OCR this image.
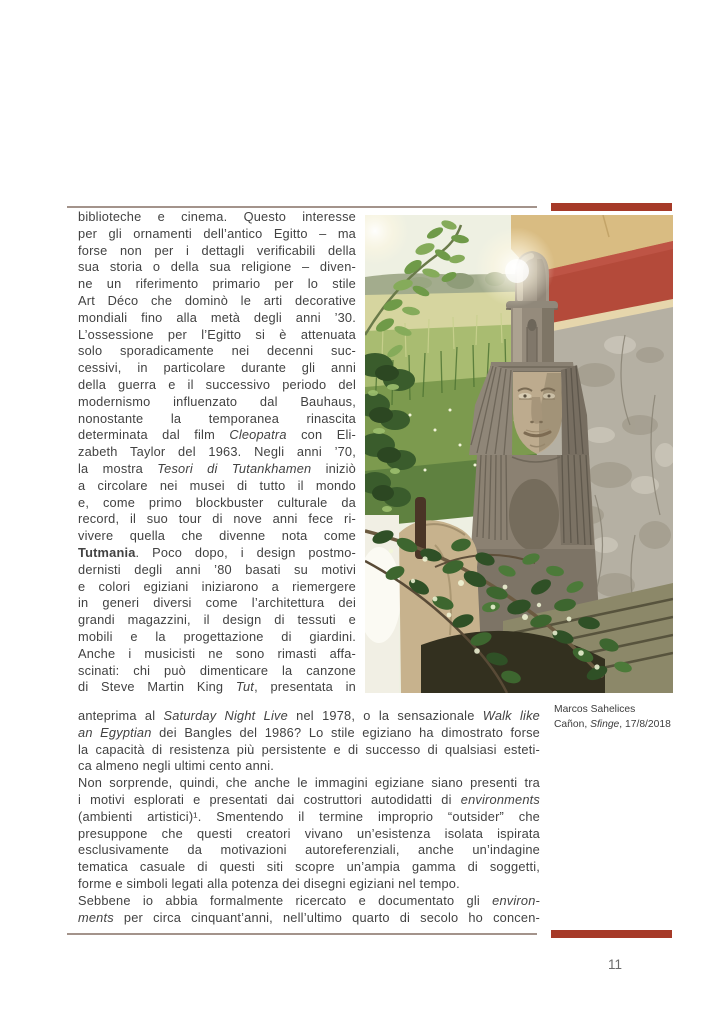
biblioteche e cinema. Questo interesse
per gli ornamenti dell’antico Egitto – ma
forse non per i dettagli verificabili della
sua storia o della sua religione – diven-
ne un riferimento primario per lo stile
Art Déco che dominò le arti decorative
mondiali fino alla metà degli anni ’30.
L’ossessione per l’Egitto si è attenuata
solo sporadicamente nei decenni suc-
cessivi, in particolare durante gli anni
della guerra e il successivo periodo del
modernismo influenzato dal Bauhaus,
nonostante la temporanea rinascita
determinata dal film Cleopatra con Eli-
zabeth Taylor del 1963. Negli anni ’70,
la mostra Tesori di Tutankhamen iniziò
a circolare nei musei di tutto il mondo
e, come primo blockbuster culturale da
record, il suo tour di nove anni fece ri-
vivere quella che divenne nota come
Tutmania. Poco dopo, i design postmo-
dernisti degli anni ’80 basati su motivi
e colori egiziani iniziarono a riemergere
in generi diversi come l’architettura dei
grandi magazzini, il design di tessuti e
mobili e la progettazione di giardini.
Anche i musicisti ne sono rimasti affa-
scinati: chi può dimenticare la canzone
di Steve Martin King Tut, presentata in
Marcos Sahelices
Cañon, Sfinge, 17/8/2018
anteprima al Saturday Night Live nel 1978, o la sensazionale Walk like
an Egyptian dei Bangles del 1986? Lo stile egiziano ha dimostrato forse
la capacità di resistenza più persistente e di successo di qualsiasi esteti-
ca almeno negli ultimi cento anni.
Non sorprende, quindi, che anche le immagini egiziane siano presenti tra
i motivi esplorati e presentati dai costruttori autodidatti di environments
(ambienti artistici)¹. Smentendo il termine improprio “outsider” che
presuppone che questi creatori vivano un’esistenza isolata ispirata
esclusivamente da motivazioni autoreferenziali, anche un’indagine
tematica casuale di questi siti scopre un’ampia gamma di soggetti,
forme e simboli legati alla potenza dei disegni egiziani nel tempo.
Sebbene io abbia formalmente ricercato e documentato gli environ-
ments per circa cinquant’anni, nell’ultimo quarto di secolo ho concen-
11
